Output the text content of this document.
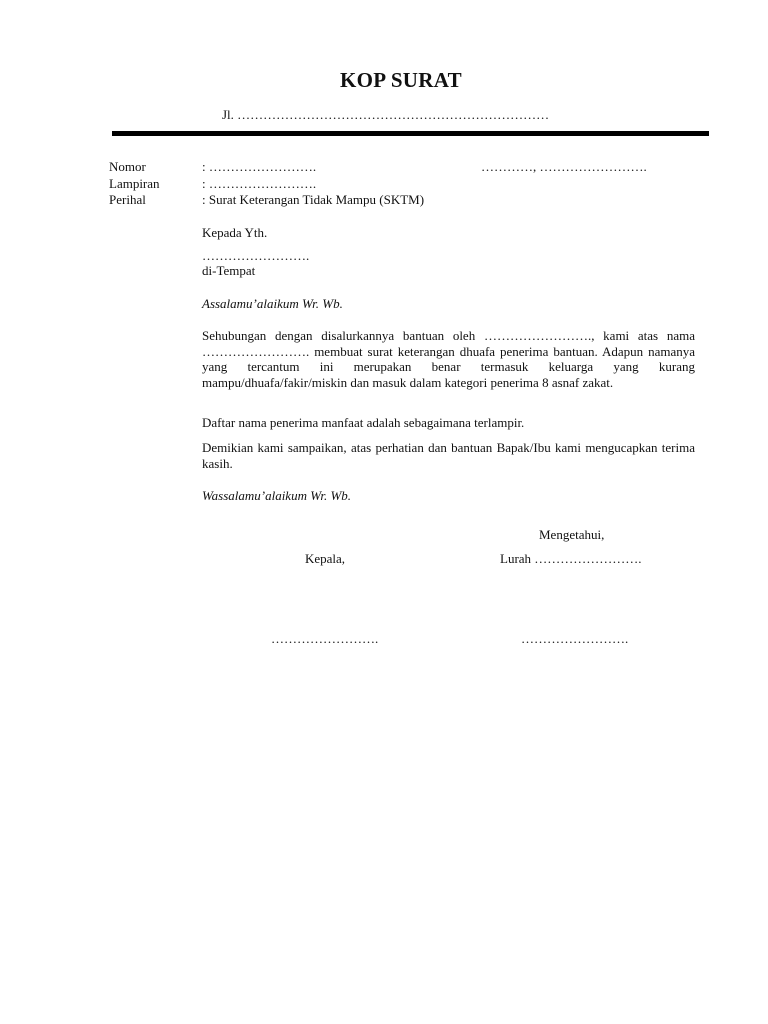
KOP SURAT
Jl. ………………………………………………………………
Nomor	: …………………….	…………, …………………….
Lampiran	: …………………….
Perihal	: Surat Keterangan Tidak Mampu (SKTM)
Kepada Yth.
…………………….
di-Tempat
Assalamu’alaikum Wr. Wb.
Sehubungan dengan disalurkannya bantuan oleh ……………………., kami atas nama ……………………. membuat surat keterangan dhuafa penerima bantuan. Adapun namanya yang tercantum ini merupakan benar termasuk keluarga yang kurang mampu/dhuafa/fakir/miskin dan masuk dalam kategori penerima 8 asnaf zakat.
Daftar nama penerima manfaat adalah sebagaimana terlampir.
Demikian kami sampaikan, atas perhatian dan bantuan Bapak/Ibu kami mengucapkan terima kasih.
Wassalamu’alaikum Wr. Wb.
Mengetahui,
Kepala,	Lurah …………………….
…………………….	…………………….
